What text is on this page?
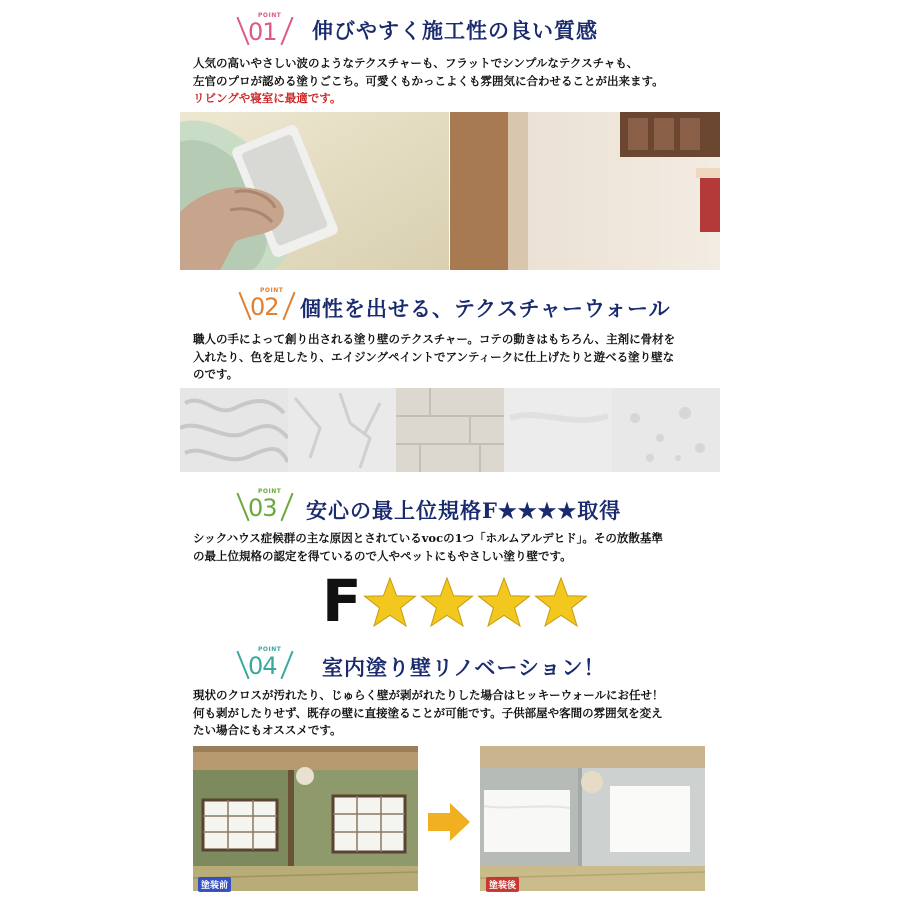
POINT
01 伸びやすく施工性の良い質感
人気の高いやさしい波のようなテクスチャーも、フラットでシンプルなテクスチャも、
左官のプロが認める塗りごこち。可愛くもかっこよくも雰囲気に合わせることが出来ます。
リビングや寝室に最適です。
POINT
02 個性を出せる、テクスチャーウォール
職人の手によって創り出される塗り壁のテクスチャー。コテの動きはもちろん、主剤に骨材を
入れたり、色を足したり、エイジングペイントでアンティークに仕上げたりと遊べる塗り壁な
のです。
POINT
03 安心の最上位規格F★★★★取得
シックハウス症候群の主な原因とされているvocの1つ「ホルムアルデヒド」。その放散基準
の最上位規格の認定を得ているので人やペットにもやさしい塗り壁です。
F
POINT
04 室内塗り壁リノベーション！
現状のクロスが汚れたり、じゅらく壁が剥がれたりした場合はヒッキーウォールにお任せ！
何も剥がしたりせず、既存の壁に直接塗ることが可能です。子供部屋や客間の雰囲気を変え
たい場合にもオススメです。
塗装前	塗装後
